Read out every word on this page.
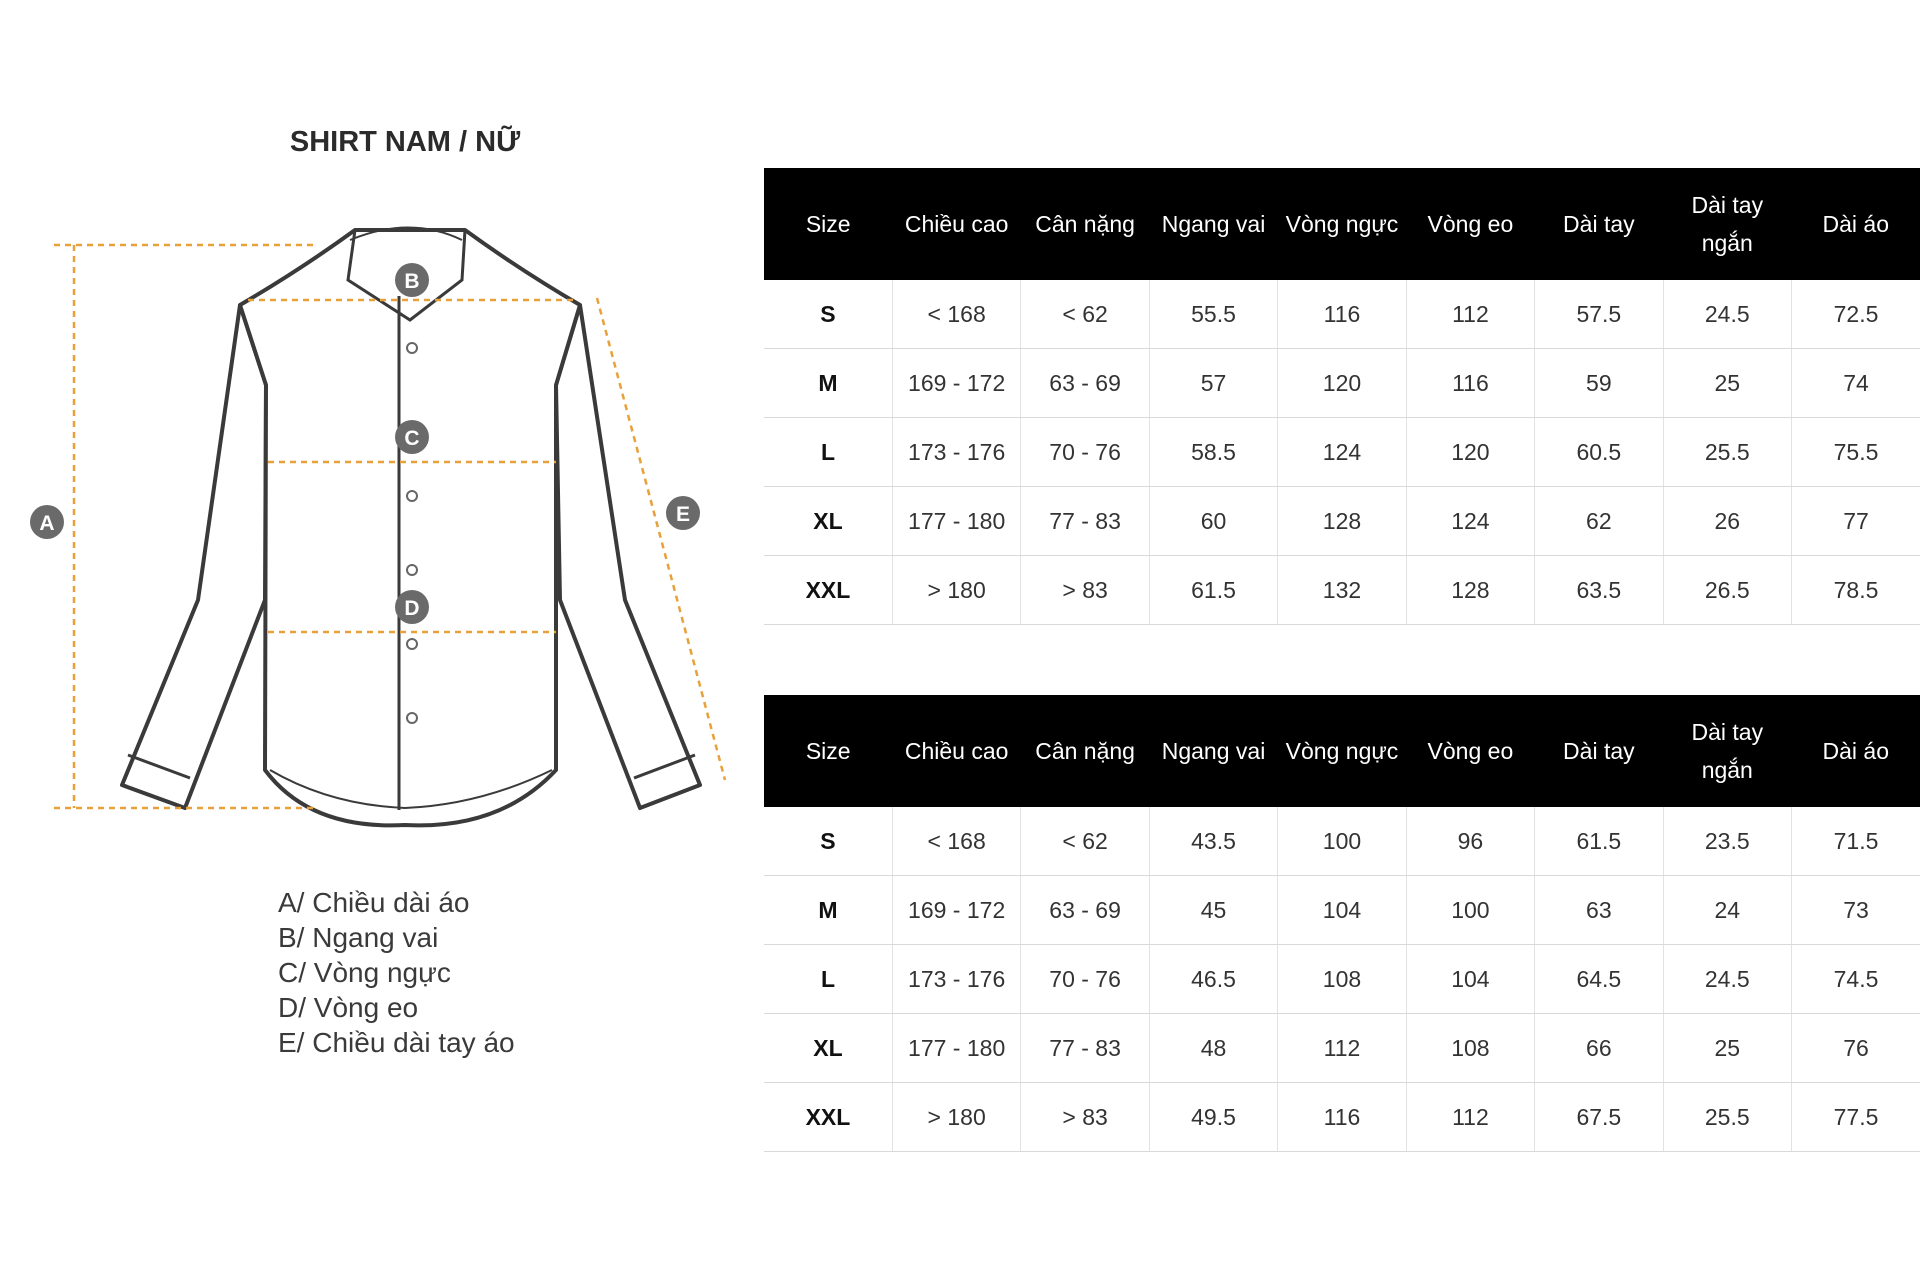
SHIRT NAM / NỮ
A
B
C
D
E
A/ Chiều dài áo
B/ Ngang vai
C/ Vòng ngực
D/ Vòng eo
E/ Chiều dài tay áo
Size	Chiều cao	Cân nặng	Ngang vai	Vòng ngực	Vòng eo	Dài tay	Dài tay ngắn	Dài áo
S	< 168	< 62	55.5	116	112	57.5	24.5	72.5
M	169 - 172	63 - 69	57	120	116	59	25	74
L	173 - 176	70 - 76	58.5	124	120	60.5	25.5	75.5
XL	177 - 180	77 - 83	60	128	124	62	26	77
XXL	> 180	> 83	61.5	132	128	63.5	26.5	78.5
Size	Chiều cao	Cân nặng	Ngang vai	Vòng ngực	Vòng eo	Dài tay	Dài tay ngắn	Dài áo
S	< 168	< 62	43.5	100	96	61.5	23.5	71.5
M	169 - 172	63 - 69	45	104	100	63	24	73
L	173 - 176	70 - 76	46.5	108	104	64.5	24.5	74.5
XL	177 - 180	77 - 83	48	112	108	66	25	76
XXL	> 180	> 83	49.5	116	112	67.5	25.5	77.5
